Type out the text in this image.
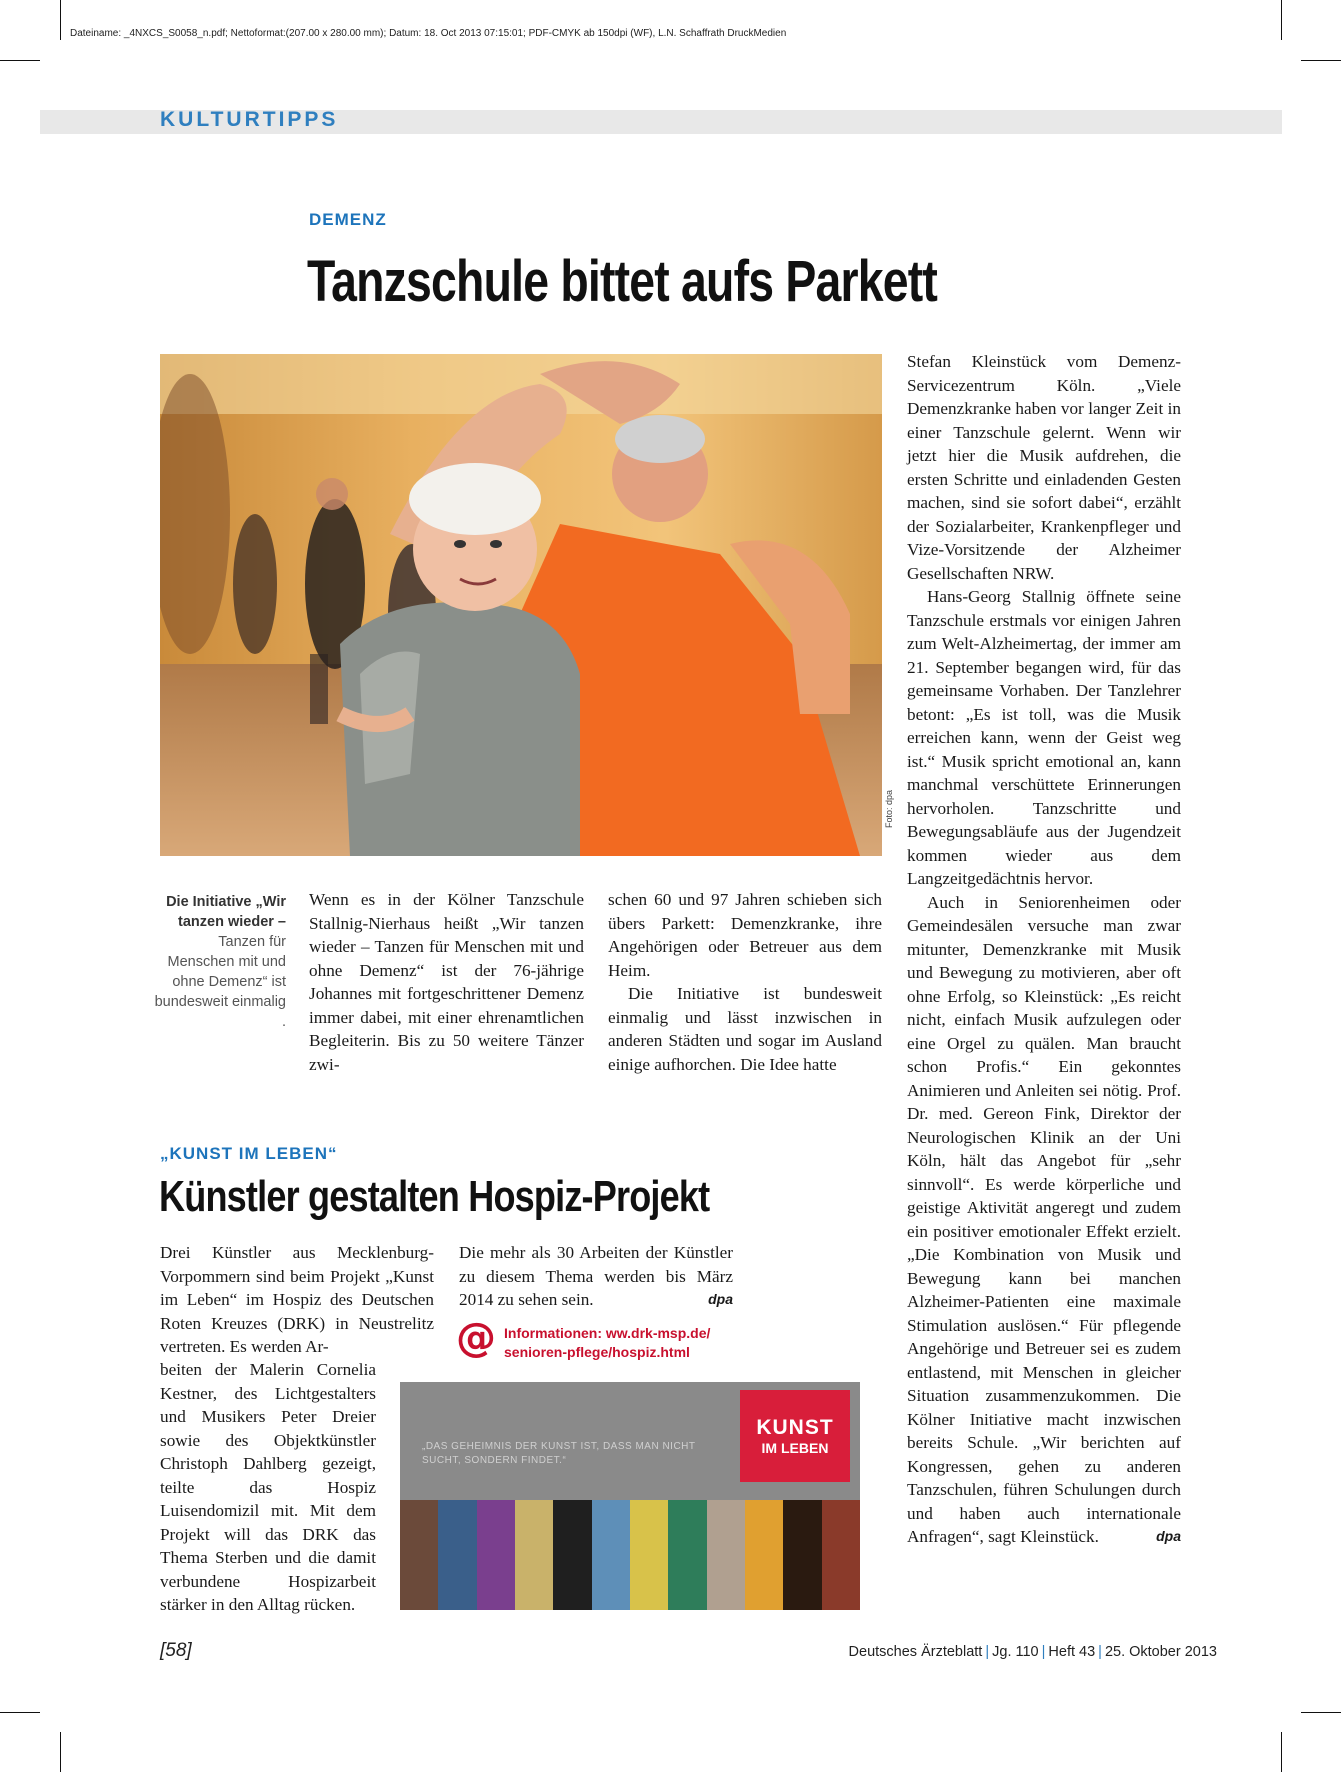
Dateiname: _4NXCS_S0058_n.pdf; Nettoformat:(207.00 x 280.00 mm); Datum: 18. Oct 2013 07:15:01; PDF-CMYK ab 150dpi (WF), L.N. Schaffrath DruckMedien
KULTURTIPPS
DEMENZ
Tanzschule bittet aufs Parkett
Foto: dpa
Die Initiative „Wir tanzen wieder – Tanzen für Menschen mit und ohne Demenz“ ist bundesweit einmalig .

Wenn es in der Kölner Tanzschule Stallnig-Nierhaus heißt „Wir tanzen wieder – Tanzen für Menschen mit und ohne Demenz“ ist der 76-jährige Johannes mit fortgeschrittener Demenz immer dabei, mit einer ehrenamtlichen Begleiterin. Bis zu 50 weitere Tänzer zwi-

schen 60 und 97 Jahren schieben sich übers Parkett: Demenzkranke, ihre Angehörigen oder Betreuer aus dem Heim.

Die Initiative ist bundesweit einmalig und lässt inzwischen in anderen Städten und sogar im Ausland einige aufhorchen. Die Idee hatte

Stefan Kleinstück vom Demenz-Servicezentrum Köln. „Viele Demenzkranke haben vor langer Zeit in einer Tanzschule gelernt. Wenn wir jetzt hier die Musik aufdrehen, die ersten Schritte und einladenden Gesten machen, sind sie sofort dabei“, erzählt der Sozialarbeiter, Krankenpfleger und Vize-Vorsitzende der Alzheimer Gesellschaften NRW.

Hans-Georg Stallnig öffnete seine Tanzschule erstmals vor einigen Jahren zum Welt-Alzheimertag, der immer am 21. September begangen wird, für das gemeinsame Vorhaben. Der Tanzlehrer betont: „Es ist toll, was die Musik erreichen kann, wenn der Geist weg ist.“ Musik spricht emotional an, kann manchmal verschüttete Erinnerungen hervorholen. Tanzschritte und Bewegungsabläufe aus der Jugendzeit kommen wieder aus dem Langzeitgedächtnis hervor.

Auch in Seniorenheimen oder Gemeindesälen versuche man zwar mitunter, Demenzkranke mit Musik und Bewegung zu motivieren, aber oft ohne Erfolg, so Kleinstück: „Es reicht nicht, einfach Musik aufzulegen oder eine Orgel zu quälen. Man braucht schon Profis.“ Ein gekonntes Animieren und Anleiten sei nötig. Prof. Dr. med. Gereon Fink, Direktor der Neurologischen Klinik an der Uni Köln, hält das Angebot für „sehr sinnvoll“. Es werde körperliche und geistige Aktivität angeregt und zudem ein positiver emotionaler Effekt erzielt. „Die Kombination von Musik und Bewegung kann bei manchen Alzheimer-Patienten eine maximale Stimulation auslösen.“ Für pflegende Angehörige und Betreuer sei es zudem entlastend, mit Menschen in gleicher Situation zusammenzukommen. Die Kölner Initiative macht inzwischen bereits Schule. „Wir berichten auf Kongressen, gehen zu anderen Tanzschulen, führen Schulungen durch und haben auch internationale Anfragen“, sagt Kleinstück.	dpa

„KUNST IM LEBEN“
Künstler gestalten Hospiz-Projekt

Drei Künstler aus Mecklenburg-Vorpommern sind beim Projekt „Kunst im Leben“ im Hospiz des Deutschen Roten Kreuzes (DRK) in Neustrelitz vertreten. Es werden Ar-

beiten der Malerin Cornelia Kestner, des Lichtgestalters und Musikers Peter Dreier sowie des Objektkünstler Christoph Dahlberg gezeigt, teilte das Hospiz Luisendomizil mit. Mit dem Projekt will das DRK das Thema Sterben und die damit verbundene Hospizarbeit stärker in den Alltag rücken.

Die mehr als 30 Arbeiten der Künstler zu diesem Thema werden bis März 2014 zu sehen sein.	dpa

@ Informationen: ww.drk-msp.de/
senioren-pflege/hospiz.html
„DAS GEHEIMNIS DER KUNST IST, DASS MAN NICHT SUCHT, SONDERN FINDET.“
KUNST
IM LEBEN
[58]	Deutsches Ärzteblatt | Jg. 110 | Heft 43 | 25. Oktober 2013
